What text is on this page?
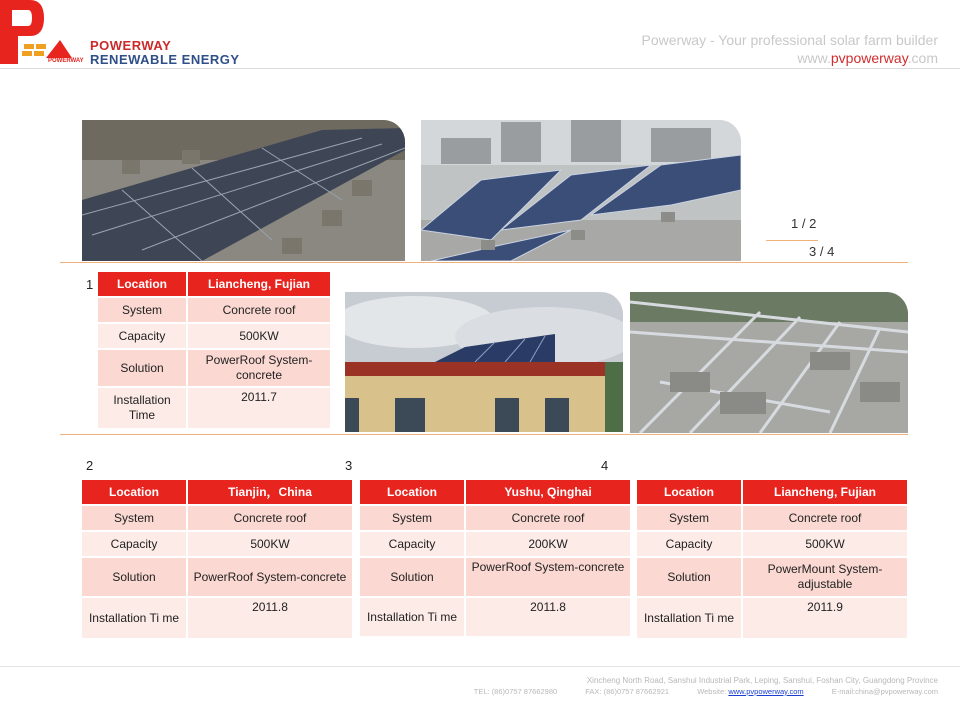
POWERWAY
POWERWAY
RENEWABLE ENERGY
Powerway - Your professional solar farm builder
www.pvpowerway.com
1 / 2
3 / 4
1
2	3	4
Location	Liancheng, Fujian
System	Concrete roof
Capacity	500KW
Solution	PowerRoof System-concrete
Installation Time	2011.7
Location	Tianjin，China
System	Concrete roof
Capacity	500KW
Solution	PowerRoof System-concrete
Installation Ti me	2011.8
Location	Yushu, Qinghai
System	Concrete roof
Capacity	200KW
Solution	PowerRoof System-concrete
Installation Ti me	2011.8
Location	Liancheng, Fujian
System	Concrete roof
Capacity	500KW
Solution	PowerMount System-adjustable
Installation Ti me	2011.9
Xincheng North Road, Sanshui Industrial Park, Leping, Sanshui, Foshan City, Guangdong Province
TEL: (86)0757 87662980	FAX: (86)0757 87662921	Website: www.pvpowerway.com	E-mail:china@pvpowerway.com
